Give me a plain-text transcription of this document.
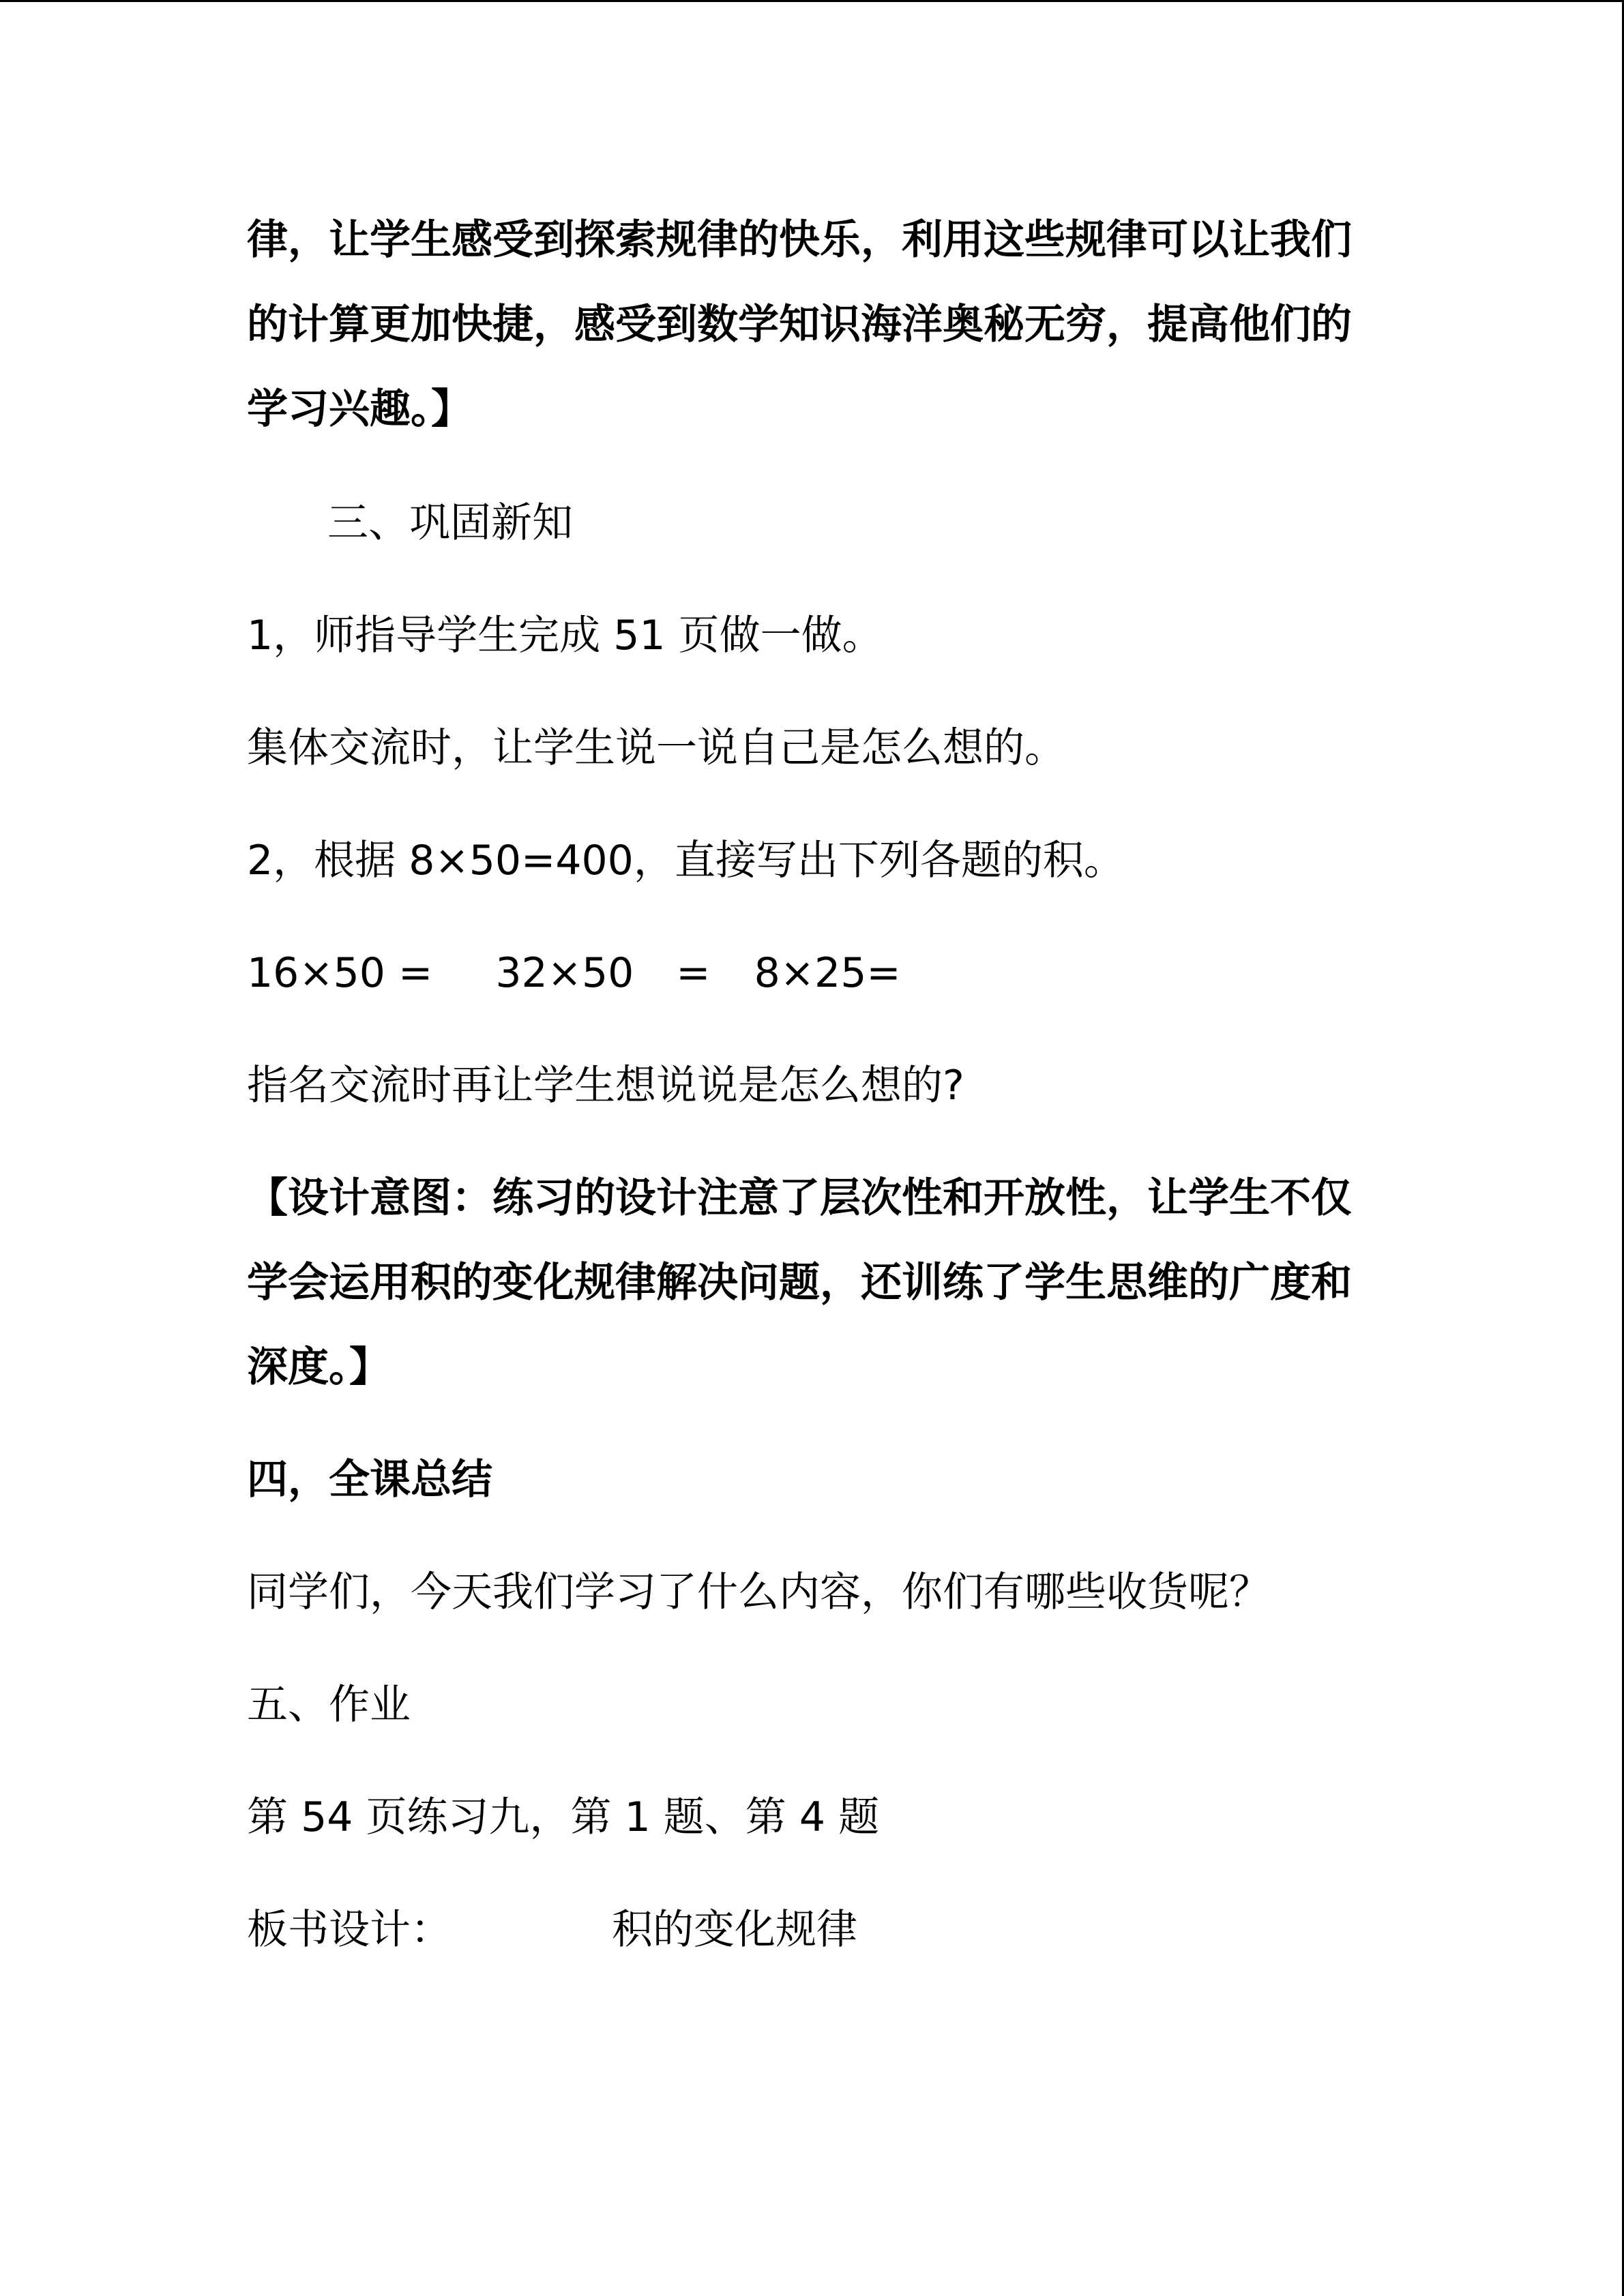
律，让学生感受到探索规律的快乐，利用这些规律可以让我们
的计算更加快捷，感受到数学知识海洋奥秘无穷，提高他们的
学习兴趣。】
三、巩固新知
1，师指导学生完成 51 页做一做。
集体交流时，让学生说一说自己是怎么想的。
2，根据 8×50=400，直接写出下列各题的积。
16×50 = 32×50 = 8×25=
指名交流时再让学生想说说是怎么想的?
【设计意图：练习的设计注意了层次性和开放性，让学生不仅
学会运用积的变化规律解决问题，还训练了学生思维的广度和
深度。】
四，全课总结
同学们，今天我们学习了什么内容，你们有哪些收货呢？
五、作业
第 54 页练习九，第 1 题、第 4 题
板书设计：	积的变化规律
